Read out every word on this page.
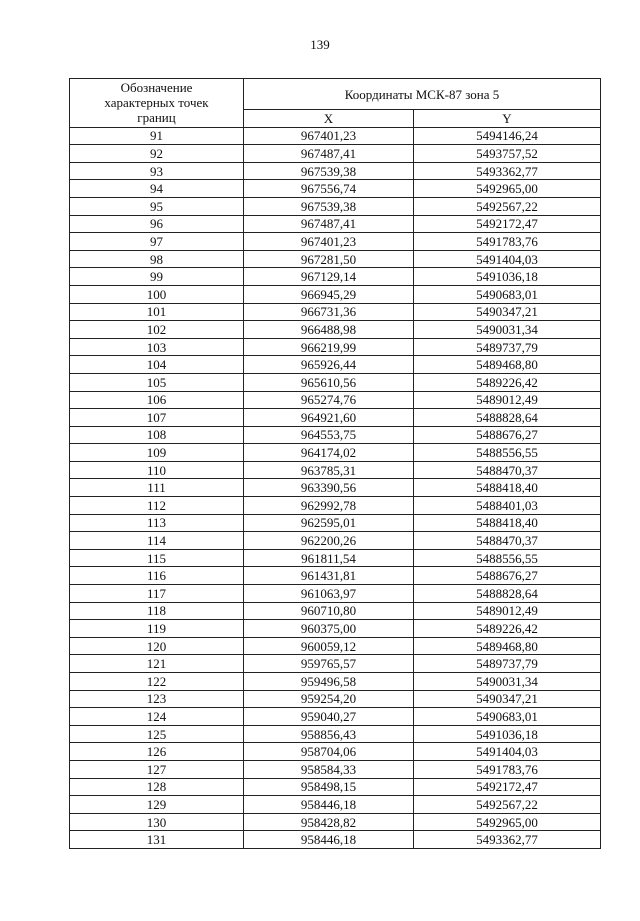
139
Обозначение
характерных точек
границ	Координаты МСК-87 зона 5	
	X	Y
91	967401,23	5494146,24
92	967487,41	5493757,52
93	967539,38	5493362,77
94	967556,74	5492965,00
95	967539,38	5492567,22
96	967487,41	5492172,47
97	967401,23	5491783,76
98	967281,50	5491404,03
99	967129,14	5491036,18
100	966945,29	5490683,01
101	966731,36	5490347,21
102	966488,98	5490031,34
103	966219,99	5489737,79
104	965926,44	5489468,80
105	965610,56	5489226,42
106	965274,76	5489012,49
107	964921,60	5488828,64
108	964553,75	5488676,27
109	964174,02	5488556,55
110	963785,31	5488470,37
111	963390,56	5488418,40
112	962992,78	5488401,03
113	962595,01	5488418,40
114	962200,26	5488470,37
115	961811,54	5488556,55
116	961431,81	5488676,27
117	961063,97	5488828,64
118	960710,80	5489012,49
119	960375,00	5489226,42
120	960059,12	5489468,80
121	959765,57	5489737,79
122	959496,58	5490031,34
123	959254,20	5490347,21
124	959040,27	5490683,01
125	958856,43	5491036,18
126	958704,06	5491404,03
127	958584,33	5491783,76
128	958498,15	5492172,47
129	958446,18	5492567,22
130	958428,82	5492965,00
131	958446,18	5493362,77
